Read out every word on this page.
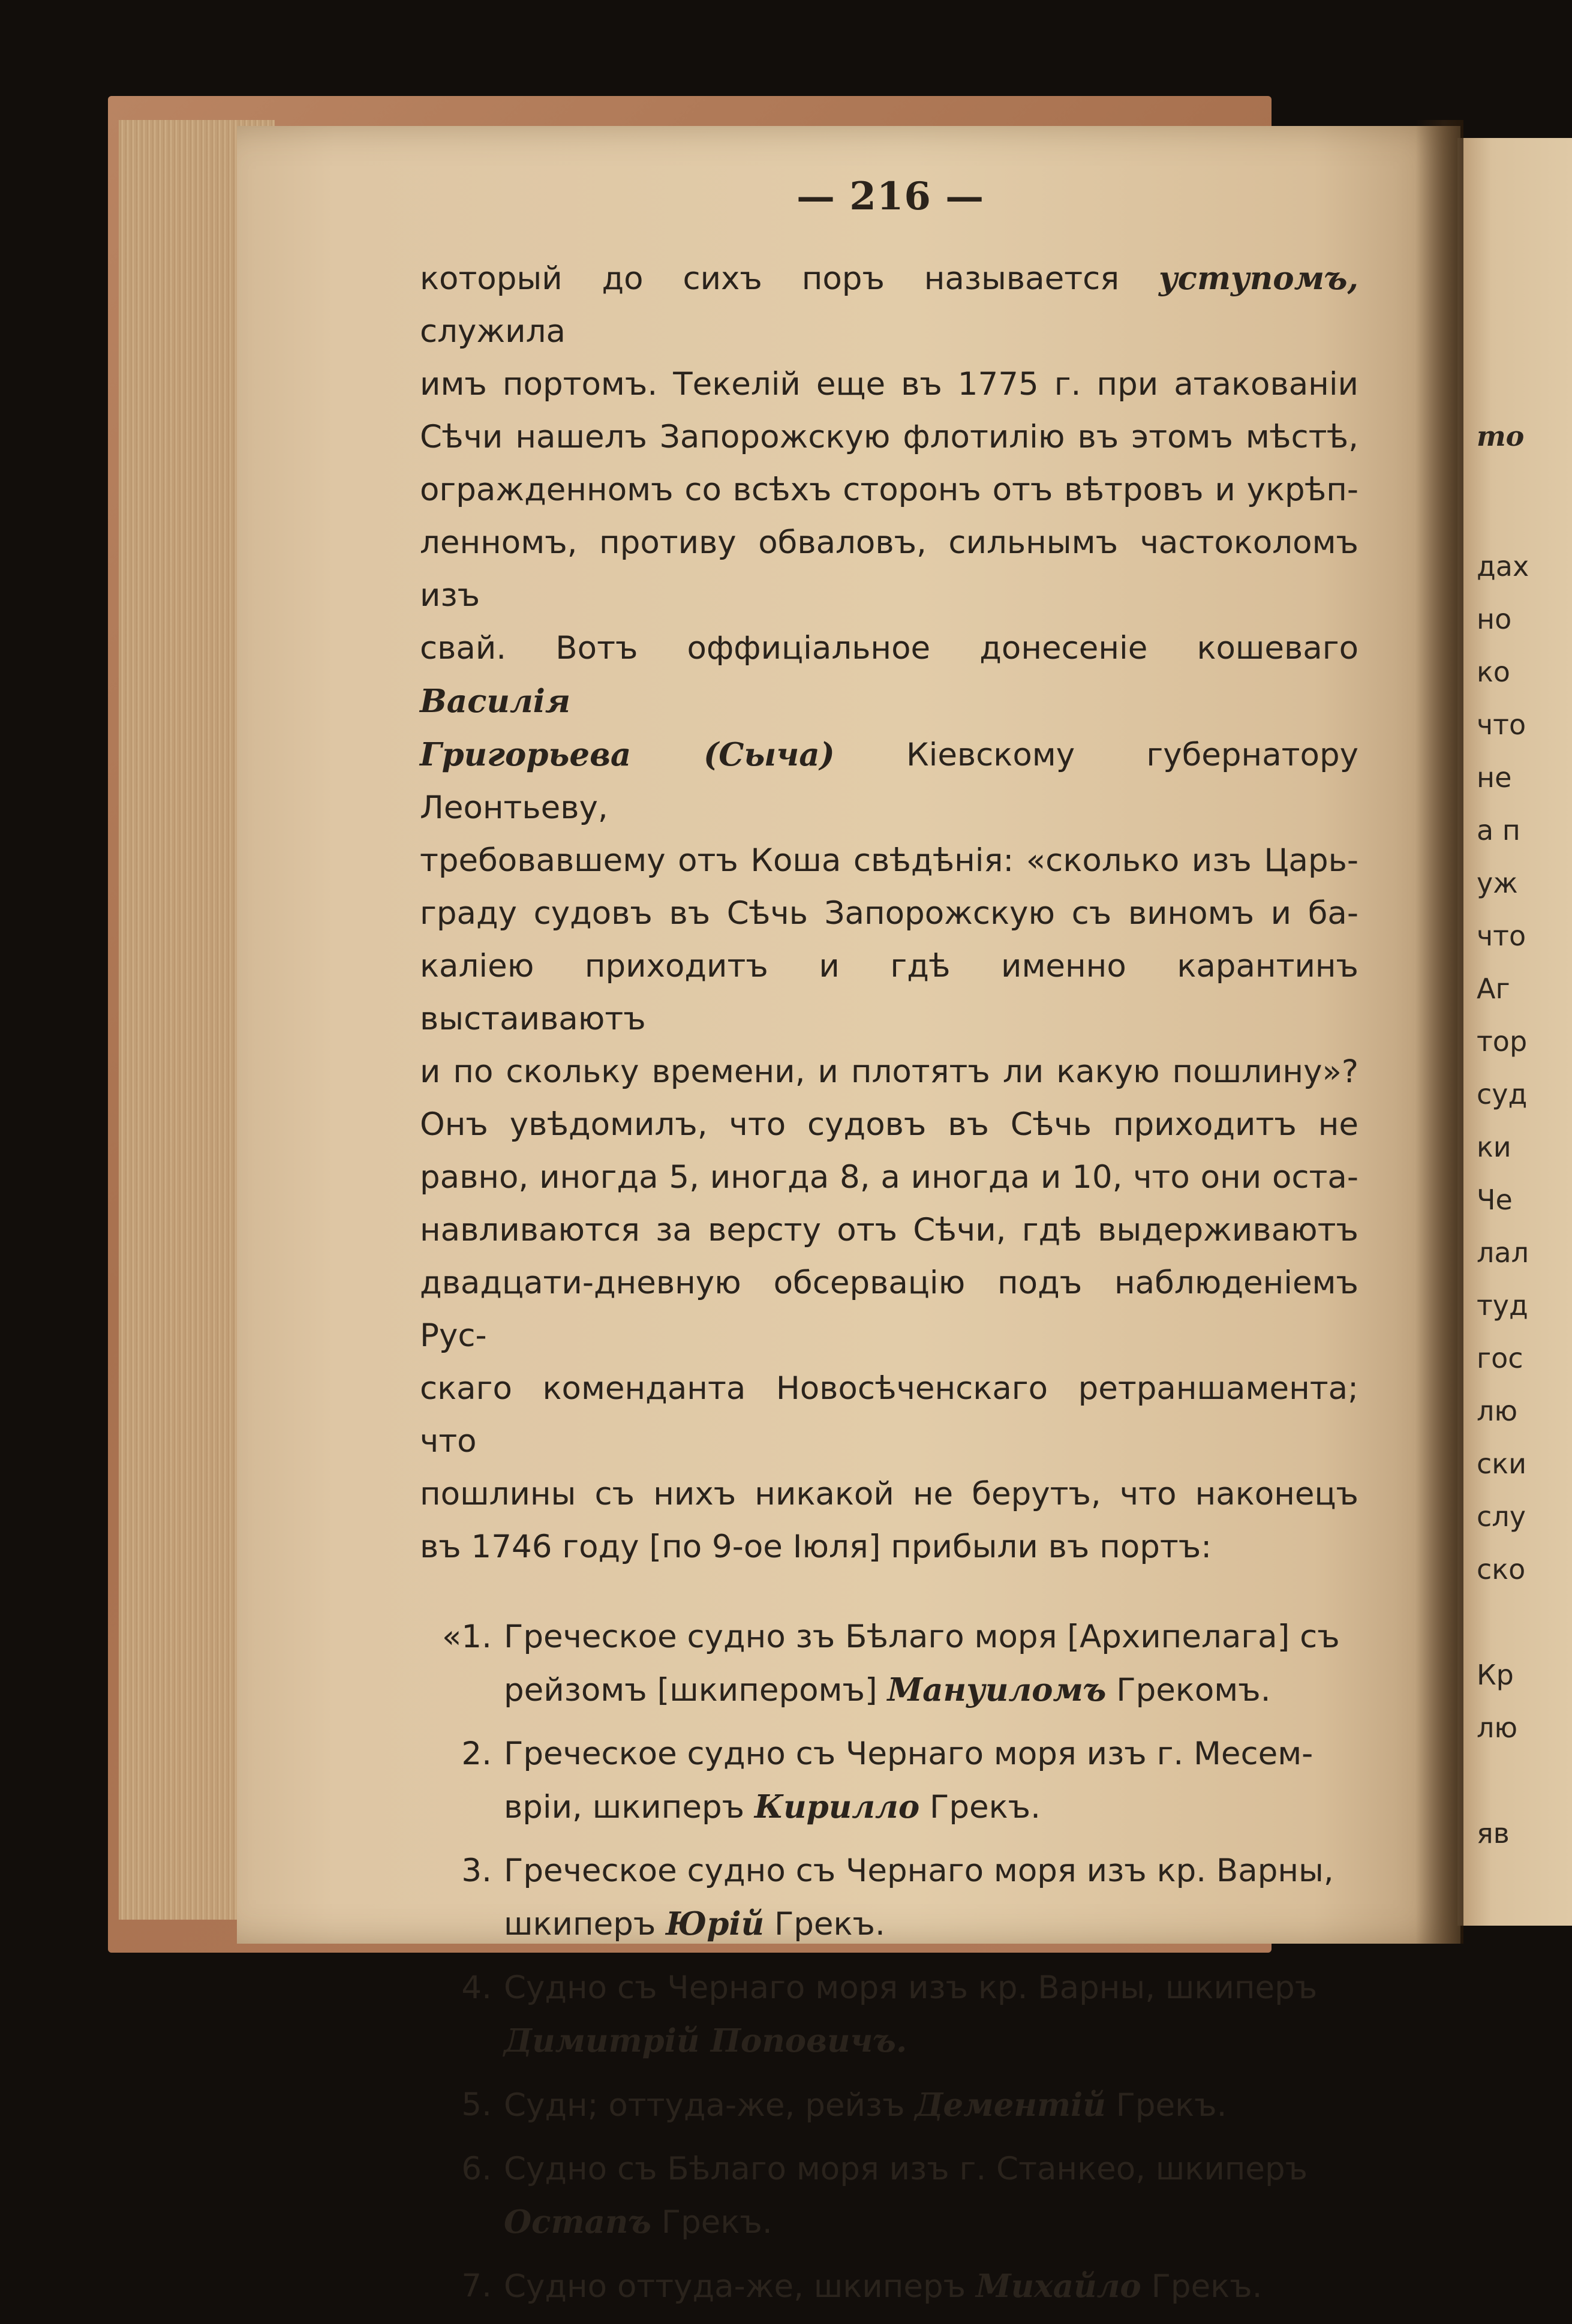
— 216 —

который до сихъ поръ называется уступомъ, служила

имъ портомъ. Текелій еще въ 1775 г. при атакованіи

Сѣчи нашелъ Запорожскую флотилію въ этомъ мѣстѣ,

огражденномъ со всѣхъ сторонъ отъ вѣтровъ и укрѣп-

ленномъ, противу обваловъ, сильнымъ частоколомъ изъ

свай. Вотъ оффиціальное донесеніе кошеваго Василія

Григорьева (Сыча) Кіевскому губернатору Леонтьеву,

требовавшему отъ Коша свѣдѣнія: «сколько изъ Царь-

граду судовъ въ Сѣчь Запорожскую съ виномъ и ба-

каліею приходитъ и гдѣ именно карантинъ выстаиваютъ

и по скольку времени, и плотятъ ли какую пошлину»?

Онъ увѣдомилъ, что судовъ въ Сѣчь приходитъ не

равно, иногда 5, иногда 8, а иногда и 10, что они оста-

навливаются за версту отъ Сѣчи, гдѣ выдерживаютъ

двадцати-дневную обсервацію подъ наблюденіемъ Рус-

скаго коменданта Новосѣченскаго ретраншамента; что

пошлины съ нихъ никакой не берутъ, что наконецъ

въ 1746 году [по 9-ое Іюля] прибыли въ портъ:

«1. Греческое судно зъ Бѣлаго моря [Архипелага] съ
рейзомъ [шкиперомъ] Мануиломъ Грекомъ.
2. Греческое судно съ Чернаго моря изъ г. Месем-
вріи, шкиперъ Кирилло Грекъ.
3. Греческое судно съ Чернаго моря изъ кр. Варны,
шкиперъ Юрій Грекъ.
4. Судно съ Чернаго моря изъ кр. Варны, шкиперъ
Димитрій Поповичъ.
5. Судн; оттуда-же, рейзъ Дементій Грекъ.
6. Судно съ Бѣлаго моря изъ г. Станкео, шкиперъ
Остапъ Грекъ.
7. Судно оттуда-же, шкиперъ Михайло Грекъ.
то
дах
но
ко
что
не
а п
уж
что
Аг
тор
суд
ки
Че
лал
туд
гос
лю
ски
слу
ско
Кр
лю
яв
